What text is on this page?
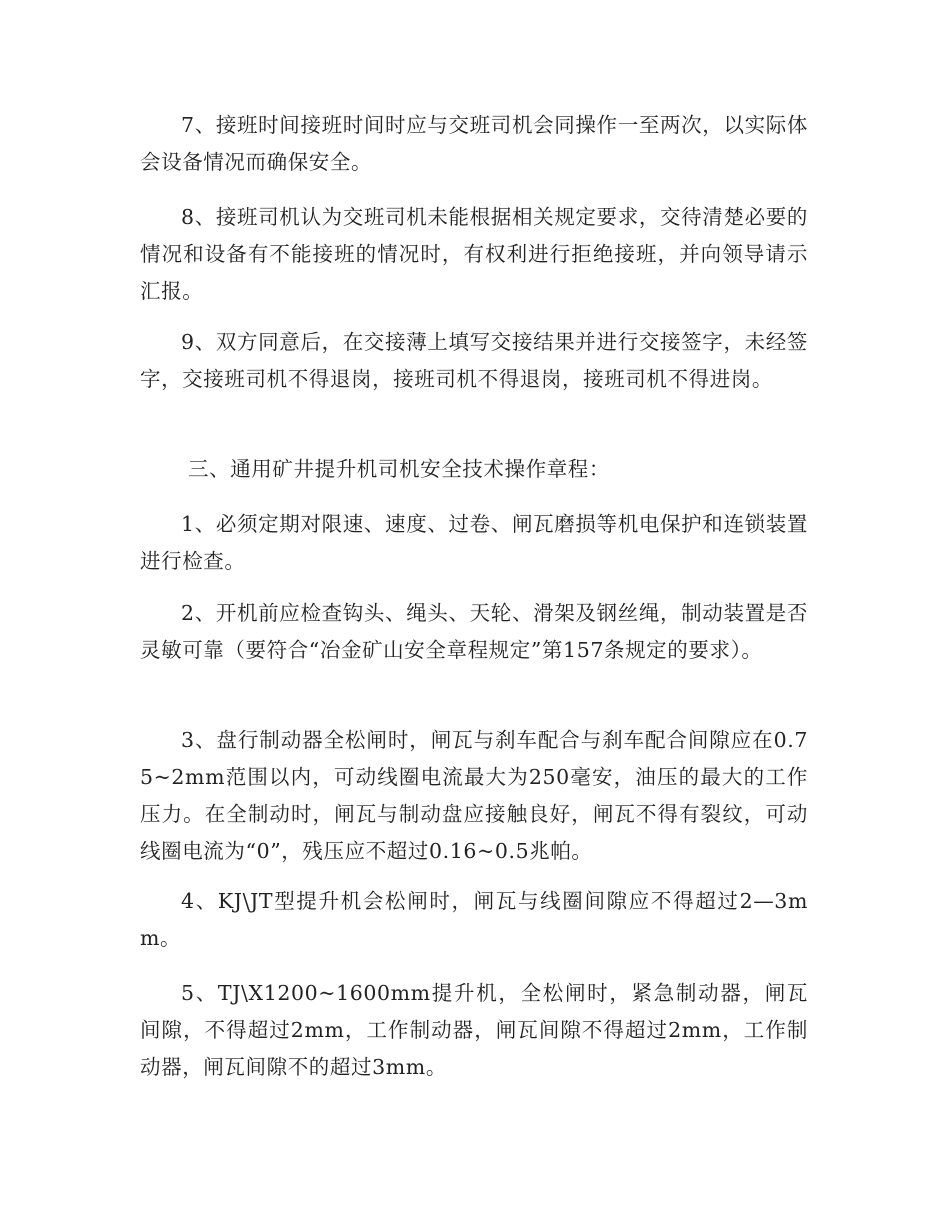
7、接班时间接班时间时应与交班司机会同操作一至两次，以实际体会设备情况而确保安全。

8、接班司机认为交班司机未能根据相关规定要求，交待清楚必要的情况和设备有不能接班的情况时，有权利进行拒绝接班，并向领导请示汇报。

9、双方同意后，在交接薄上填写交接结果并进行交接签字，未经签字，交接班司机不得退岗，接班司机不得退岗，接班司机不得进岗。

三、通用矿井提升机司机安全技术操作章程：

1、必须定期对限速、速度、过卷、闸瓦磨损等机电保护和连锁装置进行检查。

2、开机前应检查钩头、绳头、天轮、滑架及钢丝绳，制动装置是否灵敏可靠（要符合“冶金矿山安全章程规定”第157条规定的要求）。

3、盘行制动器全松闸时，闸瓦与刹车配合与刹车配合间隙应在0.75~2mm范围以内，可动线圈电流最大为250毫安，油压的最大的工作压力。在全制动时，闸瓦与制动盘应接触良好，闸瓦不得有裂纹，可动线圈电流为“0”，残压应不超过0.16~0.5兆帕。

4、KJ\JT型提升机会松闸时，闸瓦与线圈间隙应不得超过2—3mm。

5、TJ\X1200~1600mm提升机，全松闸时，紧急制动器，闸瓦间隙，不得超过2mm，工作制动器，闸瓦间隙不得超过2mm，工作制动器，闸瓦间隙不的超过3mm。
